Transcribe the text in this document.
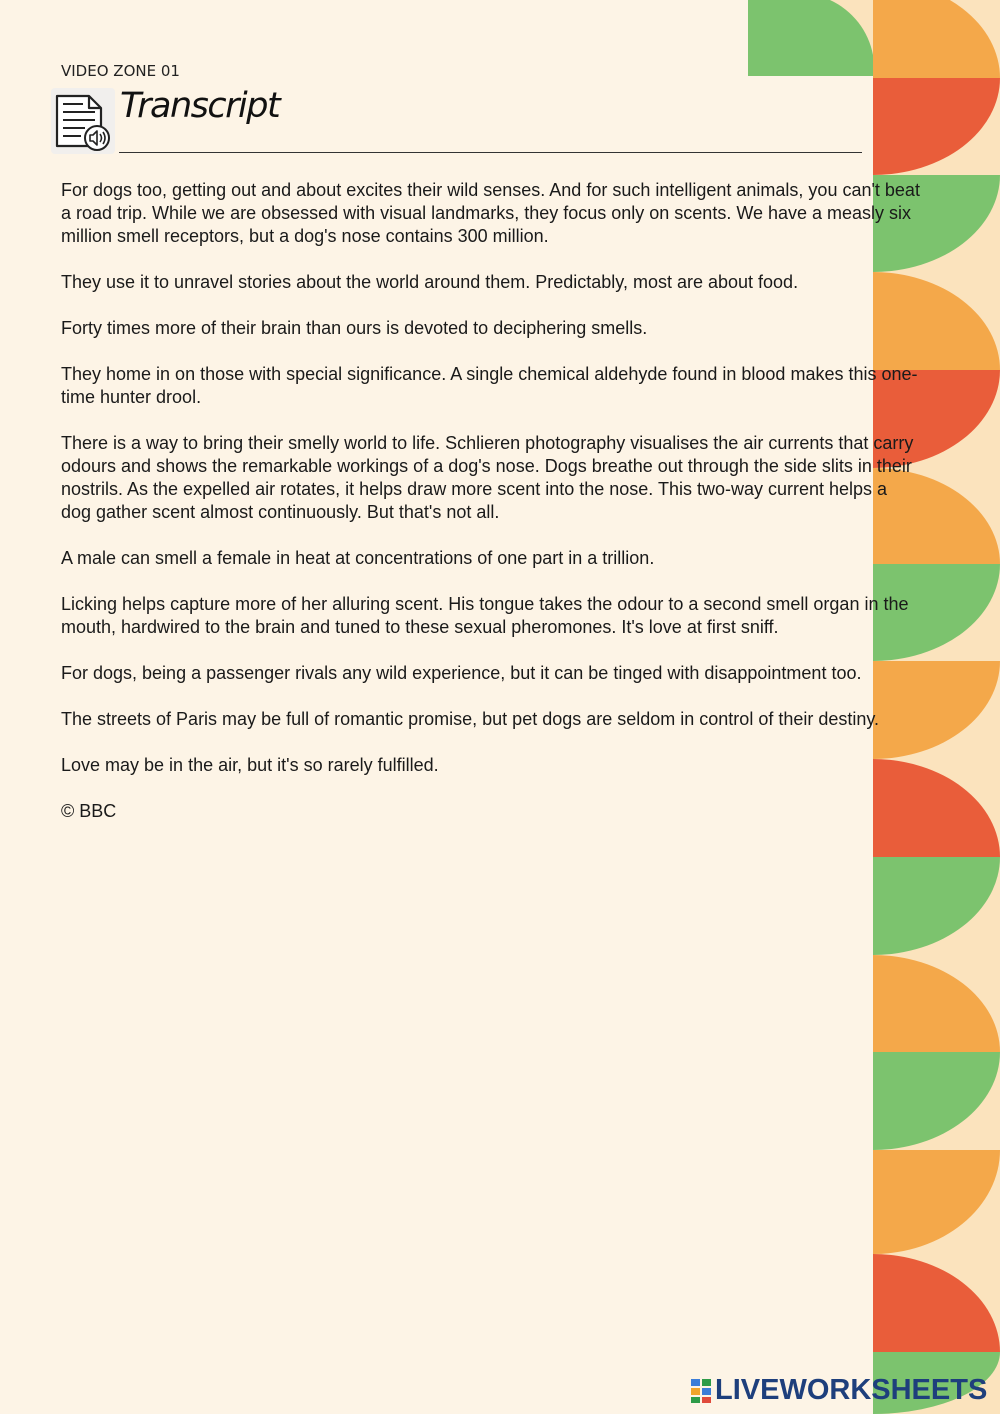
VIDEO ZONE 01
Transcript

For dogs too, getting out and about excites their wild senses. And for such intelligent animals, you can't beat a road trip. While we are obsessed with visual landmarks, they focus only on scents. We have a measly six million smell receptors, but a dog's nose contains 300 million.

They use it to unravel stories about the world around them. Predictably, most are about food.

Forty times more of their brain than ours is devoted to deciphering smells.

They home in on those with special significance. A single chemical aldehyde found in blood makes this one-time hunter drool.

There is a way to bring their smelly world to life. Schlieren photography visualises the air currents that carry odours and shows the remarkable workings of a dog's nose. Dogs breathe out through the side slits in their nostrils. As the expelled air rotates, it helps draw more scent into the nose. This two-way current helps a dog gather scent almost continuously. But that's not all.

A male can smell a female in heat at concentrations of one part in a trillion.

Licking helps capture more of her alluring scent. His tongue takes the odour to a second smell organ in the mouth, hardwired to the brain and tuned to these sexual pheromones. It's love at first sniff.

For dogs, being a passenger rivals any wild experience, but it can be tinged with disappointment too.

The streets of Paris may be full of romantic promise, but pet dogs are seldom in control of their destiny.

Love may be in the air, but it's so rarely fulfilled.

© BBC

LIVEWORKSHEETS
